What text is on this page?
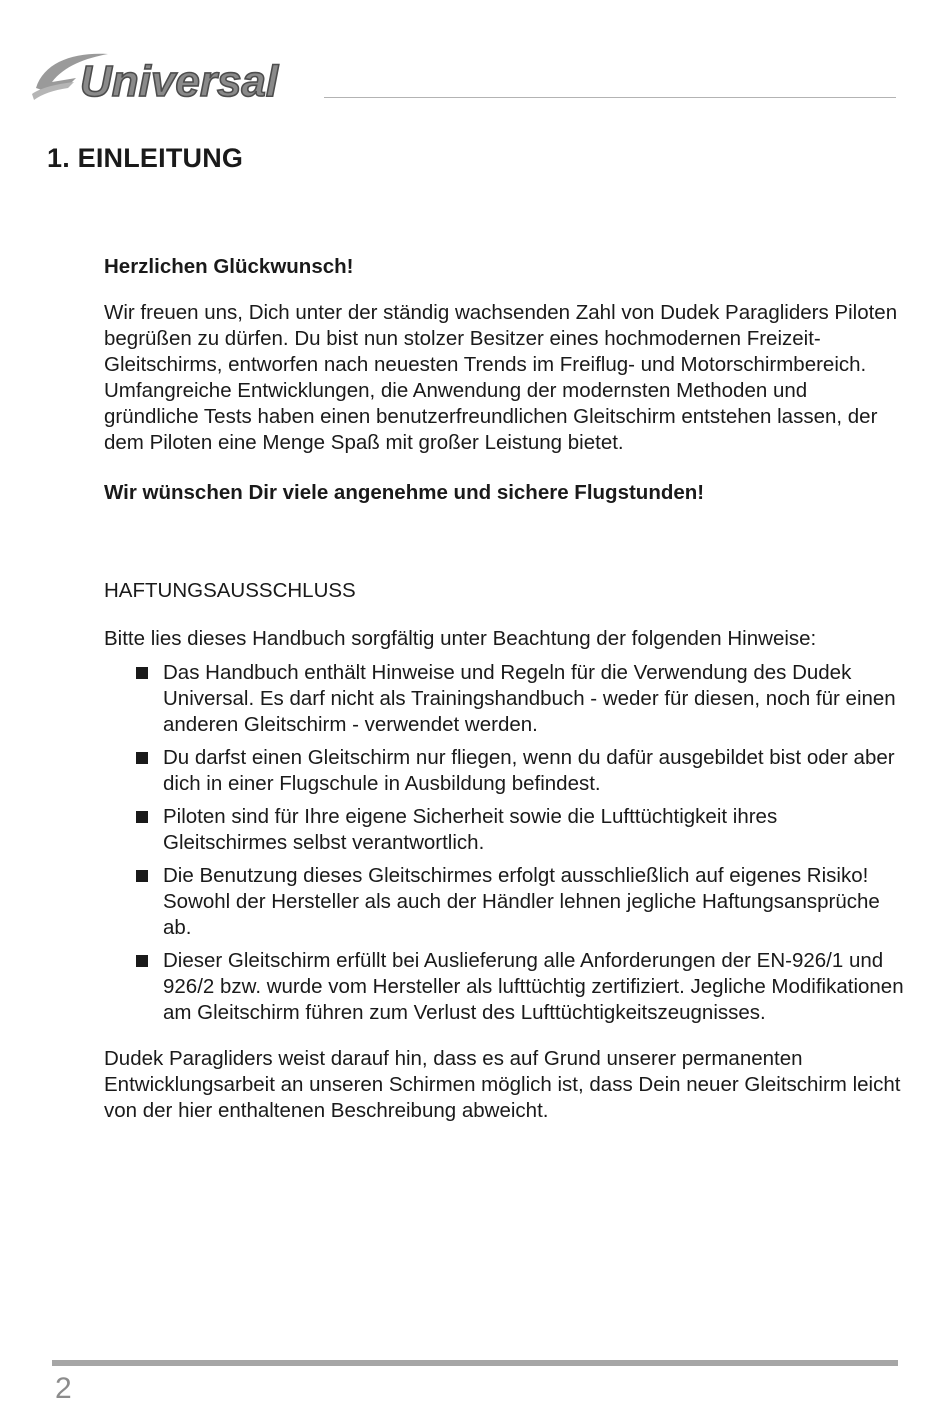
Universal
1. EINLEITUNG

Herzlichen Glückwunsch!

Wir freuen uns, Dich unter der ständig wachsenden Zahl von Dudek Paragliders Piloten begrüßen zu dürfen. Du bist nun stolzer Besitzer eines hochmodernen Freizeit-Gleitschirms, entworfen nach neuesten Trends im Freiflug- und Motorschirmbereich.

Umfangreiche Entwicklungen, die Anwendung der modernsten Methoden und gründliche Tests haben einen benutzerfreundlichen Gleitschirm entstehen lassen, der dem Piloten eine Menge Spaß mit großer Leistung bietet.

Wir wünschen Dir viele angenehme und sichere Flugstunden!

HAFTUNGSAUSSCHLUSS

Bitte lies dieses Handbuch sorgfältig unter Beachtung der folgenden Hinweise:

Das Handbuch enthält Hinweise und Regeln für die Verwendung des Dudek Universal. Es darf nicht als Trainingshandbuch - weder für diesen, noch für einen anderen Gleitschirm - verwendet werden.
Du darfst einen Gleitschirm nur fliegen, wenn du dafür ausgebildet bist oder aber dich in einer Flugschule in Ausbildung befindest.
Piloten sind für Ihre eigene Sicherheit sowie die Lufttüchtigkeit ihres Gleitschirmes selbst verantwortlich.
Die Benutzung dieses Gleitschirmes erfolgt ausschließlich auf eigenes Risiko! Sowohl der Hersteller als auch der Händler lehnen jegliche Haftungsansprüche ab.
Dieser Gleitschirm erfüllt bei Auslieferung alle Anforderungen der EN-926/1 und 926/2 bzw. wurde vom Hersteller als lufttüchtig zertifiziert. Jegliche Modifikationen am Gleitschirm führen zum Verlust des Lufttüchtigkeitszeugnisses.

Dudek Paragliders weist darauf hin, dass es auf Grund unserer permanenten Entwicklungsarbeit an unseren Schirmen möglich ist, dass Dein neuer Gleitschirm leicht von der hier enthaltenen Beschreibung abweicht.

2
